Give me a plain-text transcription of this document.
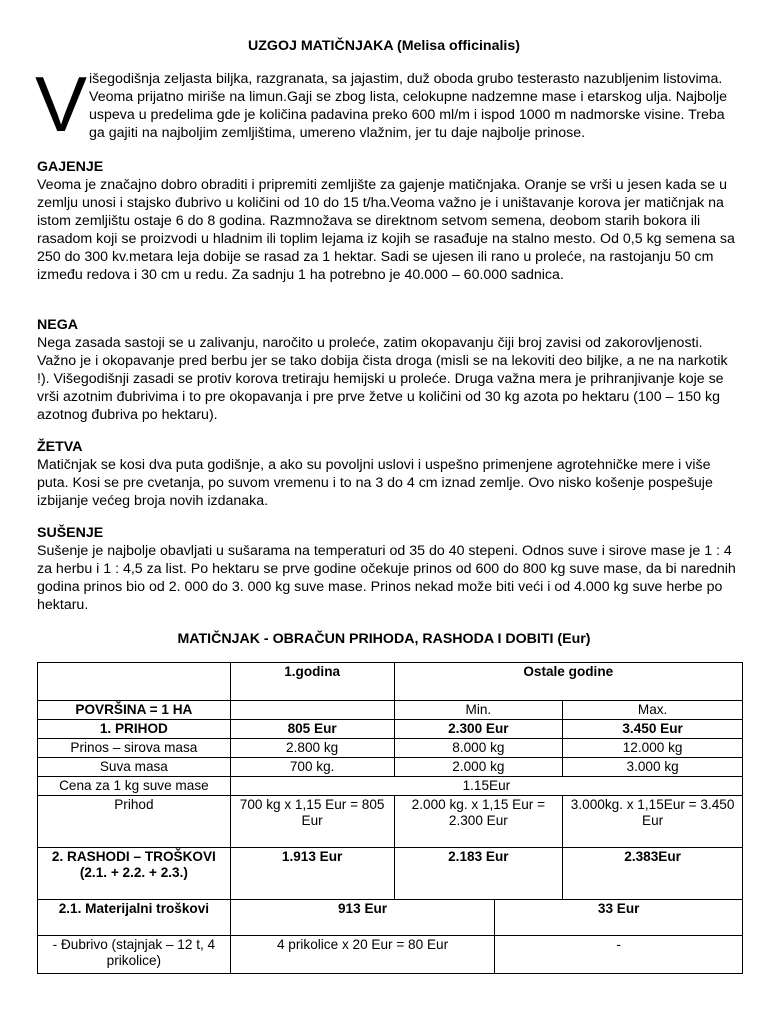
UZGOJ MATIČNJAKA (Melisa officinalis)
V išegodišnja zeljasta biljka, razgranata, sa jajastim, duž oboda grubo testerasto nazubljenim listovima. Veoma prijatno miriše na limun.Gaji se zbog lista, celokupne nadzemne mase i etarskog ulja. Najbolje uspeva u predelima gde je količina padavina preko 600 ml/m i ispod 1000 m nadmorske visine. Treba ga gajiti na najboljim zemljištima, umereno vlažnim, jer tu daje najbolje prinose.

GAJENJE

Veoma je značajno dobro obraditi i pripremiti zemljište za gajenje matičnjaka. Oranje se vrši u jesen kada se u zemlju unosi i stajsko đubrivo u količini od 10 do 15 t/ha.Veoma važno je i uništavanje korova jer matičnjak na istom zemljištu ostaje 6 do 8 godina. Razmnožava se direktnom setvom semena, deobom starih bokora ili rasadom koji se proizvodi u hladnim ili toplim lejama iz kojih se rasađuje na stalno mesto. Od 0,5 kg semena sa 250 do 300 kv.metara leja dobije se rasad za 1 hektar. Sadi se ujesen ili rano u proleće, na rastojanju 50 cm između redova i 30 cm u redu. Za sadnju 1 ha potrebno je 40.000 – 60.000 sadnica.

NEGA

Nega zasada sastoji se u zalivanju, naročito u proleće, zatim okopavanju čiji broj zavisi od zakorovljenosti. Važno je i okopavanje pred berbu jer se tako dobija čista droga (misli se na lekoviti deo biljke, a ne na narkotik !). Višegodišnji zasadi se protiv korova tretiraju hemijski u proleće. Druga važna mera je prihranjivanje koje se vrši azotnim đubrivima i to pre okopavanja i pre prve žetve u količini od 30 kg azota po hektaru (100 – 150 kg azotnog đubriva po hektaru).

ŽETVA

Matičnjak se kosi dva puta godišnje, a ako su povoljni uslovi i uspešno primenjene agrotehničke mere i više puta. Kosi se pre cvetanja, po suvom vremenu i to na 3 do 4 cm iznad zemlje. Ovo nisko košenje pospešuje izbijanje većeg broja novih izdanaka.

SUŠENJE

Sušenje je najbolje obavljati u sušarama na temperaturi od 35 do 40 stepeni. Odnos suve i sirove mase je 1 : 4 za herbu i 1 : 4,5 za list. Po hektaru se prve godine očekuje prinos od 600 do 800 kg suve mase, da bi narednih godina prinos bio od 2. 000 do 3. 000 kg suve mase. Prinos nekad može biti veći i od 4.000 kg suve herbe po hektaru.

MATIČNJAK - OBRAČUN PRIHODA, RASHODA I DOBITI (Eur)
	1.godina	Ostale godine		
POVRŠINA = 1 HA		Min.		Max.
1. PRIHOD	805 Eur	2.300 Eur		3.450 Eur
Prinos – sirova masa	2.800 kg	8.000 kg		12.000 kg
Suva masa	700 kg.	2.000 kg		3.000 kg
Cena za 1 kg suve mase	1.15Eur			
Prihod	700 kg x 1,15 Eur = 805 Eur	2.000 kg. x 1,15 Eur = 2.300 Eur		3.000kg. x 1,15Eur = 3.450 Eur
2. RASHODI – TROŠKOVI (2.1. + 2.2. + 2.3.)	1.913 Eur	2.183 Eur		2.383Eur
2.1. Materijalni troškovi	913 Eur		33 Eur	
- Đubrivo (stajnjak – 12 t, 4 prikolice)	4 prikolice x 20 Eur = 80 Eur		-	
